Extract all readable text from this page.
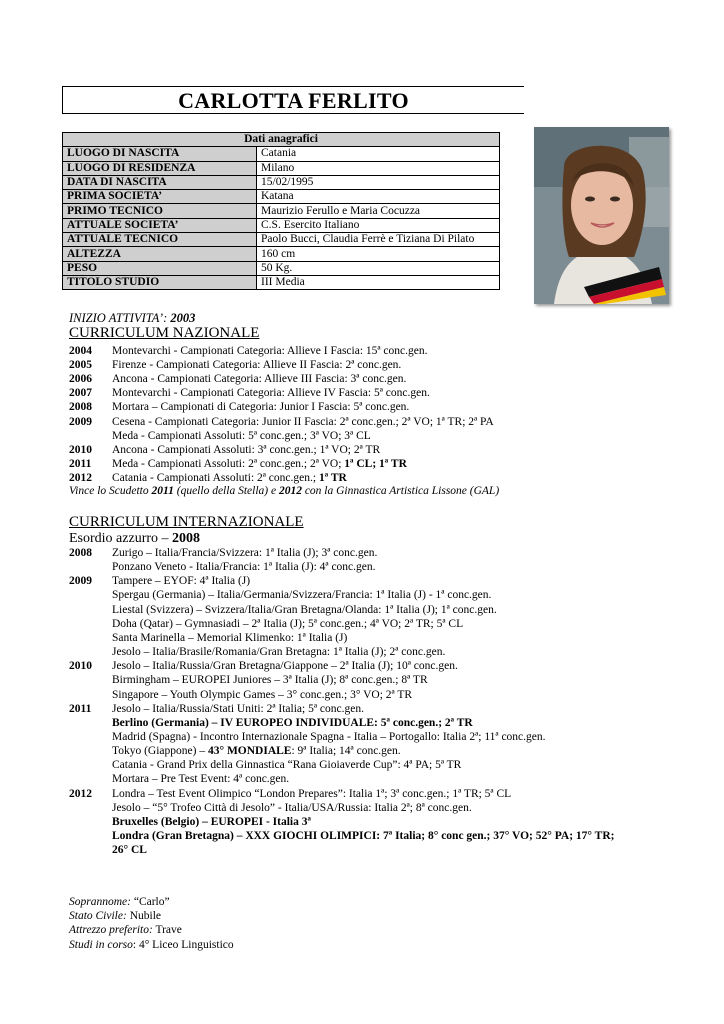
CARLOTTA FERLITO
Dati anagrafici	
LUOGO DI NASCITA	Catania
LUOGO DI RESIDENZA	Milano
DATA DI NASCITA	15/02/1995
PRIMA SOCIETA’	Katana
PRIMO TECNICO	Maurizio Ferullo e Maria Cocuzza
ATTUALE SOCIETA’	C.S. Esercito Italiano
ATTUALE TECNICO	Paolo Bucci, Claudia Ferrè e Tiziana Di Pilato
ALTEZZA	160 cm
PESO	50 Kg.
TITOLO STUDIO	III Media
INIZIO ATTIVITA’: 2003
CURRICULUM NAZIONALE
2004	Montevarchi - Campionati Categoria: Allieve I Fascia: 15ª conc.gen.
2005	Firenze - Campionati Categoria: Allieve II Fascia: 2ª conc.gen.
2006	Ancona - Campionati Categoria: Allieve III Fascia: 3ª conc.gen.
2007	Montevarchi - Campionati Categoria: Allieve IV Fascia: 5ª conc.gen.
2008	Mortara – Campionati di Categoria: Junior I Fascia: 5ª conc.gen.
2009	Cesena - Campionati Categoria: Junior II Fascia: 2ª conc.gen.; 2ª VO; 1ª TR; 2ª PA
Meda - Campionati Assoluti: 5ª conc.gen.; 3ª VO; 3ª CL
2010	Ancona - Campionati Assoluti: 3ª conc.gen.; 1ª VO; 2ª TR
2011	Meda - Campionati Assoluti: 2ª conc.gen.; 2ª VO; 1ª CL; 1ª TR
2012	Catania - Campionati Assoluti: 2ª conc.gen.; 1ª TR
Vince lo Scudetto 2011 (quello della Stella) e 2012 con la Ginnastica Artistica Lissone (GAL)
CURRICULUM INTERNAZIONALE
Esordio azzurro – 2008
2008	Zurigo – Italia/Francia/Svizzera: 1ª Italia (J); 3ª conc.gen.
Ponzano Veneto - Italia/Francia: 1ª Italia (J): 4ª conc.gen.
2009	Tampere – EYOF: 4ª Italia (J)
Spergau (Germania) – Italia/Germania/Svizzera/Francia: 1ª Italia (J) - 1ª conc.gen.
Liestal (Svizzera) – Svizzera/Italia/Gran Bretagna/Olanda: 1ª Italia (J); 1ª conc.gen.
Doha (Qatar) – Gymnasiadi – 2ª Italia (J); 5ª conc.gen.; 4ª VO; 2ª TR; 5ª CL
Santa Marinella – Memorial Klimenko: 1ª Italia (J)
Jesolo – Italia/Brasile/Romania/Gran Bretagna: 1ª Italia (J); 2ª conc.gen.
2010	Jesolo – Italia/Russia/Gran Bretagna/Giappone – 2ª Italia (J); 10ª conc.gen.
Birmingham – EUROPEI Juniores – 3ª Italia (J); 8ª conc.gen.; 8ª TR
Singapore – Youth Olympic Games – 3° conc.gen.; 3° VO; 2ª TR
2011	Jesolo – Italia/Russia/Stati Uniti: 2ª Italia; 5ª conc.gen.
Berlino (Germania) – IV EUROPEO INDIVIDUALE: 5ª conc.gen.; 2ª TR
Madrid (Spagna) - Incontro Internazionale Spagna - Italia – Portogallo: Italia 2ª; 11ª conc.gen.
Tokyo (Giappone) – 43° MONDIALE: 9ª Italia; 14ª conc.gen.
Catania - Grand Prix della Ginnastica “Rana Gioiaverde Cup”: 4ª PA; 5ª TR
Mortara – Pre Test Event: 4ª conc.gen.
2012	Londra – Test Event Olimpico “London Prepares”: Italia 1ª; 3ª conc.gen.; 1ª TR; 5ª CL
Jesolo – “5° Trofeo Città di Jesolo” - Italia/USA/Russia: Italia 2ª; 8ª conc.gen.
Bruxelles (Belgio) – EUROPEI - Italia 3ª
Londra (Gran Bretagna) – XXX GIOCHI OLIMPICI: 7ª Italia; 8° conc gen.; 37° VO; 52° PA; 17° TR;
26° CL
Soprannome: “Carlo”
Stato Civile: Nubile
Attrezzo preferito: Trave
Studi in corso: 4° Liceo Linguistico
